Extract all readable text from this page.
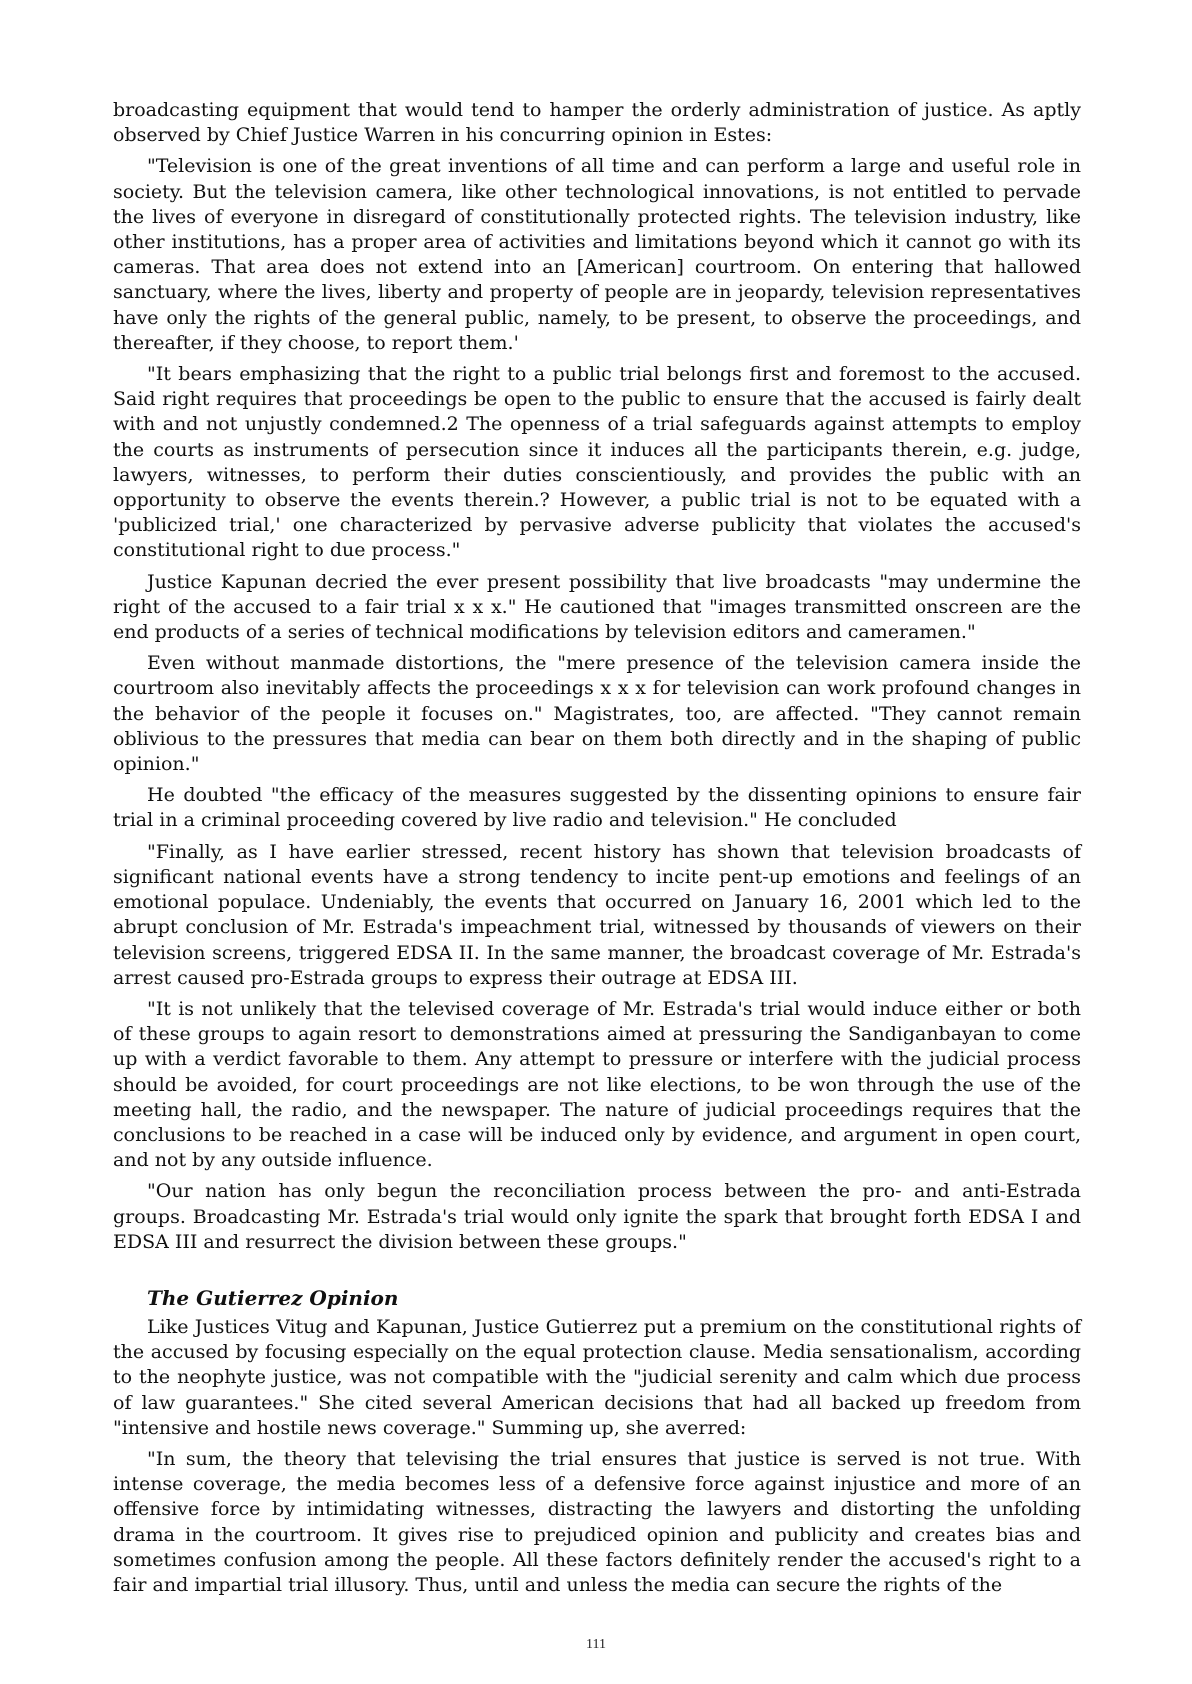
broadcasting equipment that would tend to hamper the orderly administration of justice. As aptly observed by Chief Justice Warren in his concurring opinion in Estes:

"Television is one of the great inventions of all time and can perform a large and useful role in society. But the television camera, like other technological innovations, is not entitled to pervade the lives of everyone in disregard of constitutionally protected rights. The television industry, like other institutions, has a proper area of activities and limitations beyond which it cannot go with its cameras. That area does not extend into an [American] courtroom. On entering that hallowed sanctuary, where the lives, liberty and property of people are in jeopardy, television representatives have only the rights of the general public, namely, to be present, to observe the proceedings, and thereafter, if they choose, to report them.'

"It bears emphasizing that the right to a public trial belongs first and foremost to the accused. Said right requires that proceedings be open to the public to ensure that the accused is fairly dealt with and not unjustly condemned.2 The openness of a trial safeguards against attempts to employ the courts as instruments of persecution since it induces all the participants therein, e.g. judge, lawyers, witnesses, to perform their duties conscientiously, and provides the public with an opportunity to observe the events therein.? However, a public trial is not to be equated with a 'publicized trial,' one characterized by pervasive adverse publicity that violates the accused's constitutional right to due process."

Justice Kapunan decried the ever present possibility that live broadcasts "may undermine the right of the accused to a fair trial x x x." He cautioned that "images transmitted onscreen are the end products of a series of technical modifications by television editors and cameramen."

Even without manmade distortions, the "mere presence of the television camera inside the courtroom also inevitably affects the proceedings x x x for television can work profound changes in the behavior of the people it focuses on." Magistrates, too, are affected. "They cannot remain oblivious to the pressures that media can bear on them both directly and in the shaping of public opinion."

He doubted "the efficacy of the measures suggested by the dissenting opinions to ensure fair trial in a criminal proceeding covered by live radio and television." He concluded

"Finally, as I have earlier stressed, recent history has shown that television broadcasts of significant national events have a strong tendency to incite pent-up emotions and feelings of an emotional populace. Undeniably, the events that occurred on January 16, 2001 which led to the abrupt conclusion of Mr. Estrada's impeachment trial, witnessed by thousands of viewers on their television screens, triggered EDSA II. In the same manner, the broadcast coverage of Mr. Estrada's arrest caused pro-Estrada groups to express their outrage at EDSA III.

"It is not unlikely that the televised coverage of Mr. Estrada's trial would induce either or both of these groups to again resort to demonstrations aimed at pressuring the Sandiganbayan to come up with a verdict favorable to them. Any attempt to pressure or interfere with the judicial process should be avoided, for court proceedings are not like elections, to be won through the use of the meeting hall, the radio, and the newspaper. The nature of judicial proceedings requires that the conclusions to be reached in a case will be induced only by evidence, and argument in open court, and not by any outside influence.

"Our nation has only begun the reconciliation process between the pro- and anti-Estrada groups. Broadcasting Mr. Estrada's trial would only ignite the spark that brought forth EDSA I and EDSA III and resurrect the division between these groups."

The Gutierrez Opinion

Like Justices Vitug and Kapunan, Justice Gutierrez put a premium on the constitutional rights of the accused by focusing especially on the equal protection clause. Media sensationalism, according to the neophyte justice, was not compatible with the "judicial serenity and calm which due process of law guarantees." She cited several American decisions that had all backed up freedom from "intensive and hostile news coverage." Summing up, she averred:

"In sum, the theory that televising the trial ensures that justice is served is not true. With intense coverage, the media becomes less of a defensive force against injustice and more of an offensive force by intimidating witnesses, distracting the lawyers and distorting the unfolding drama in the courtroom. It gives rise to prejudiced opinion and publicity and creates bias and sometimes confusion among the people. All these factors definitely render the accused's right to a fair and impartial trial illusory. Thus, until and unless the media can secure the rights of the

111
